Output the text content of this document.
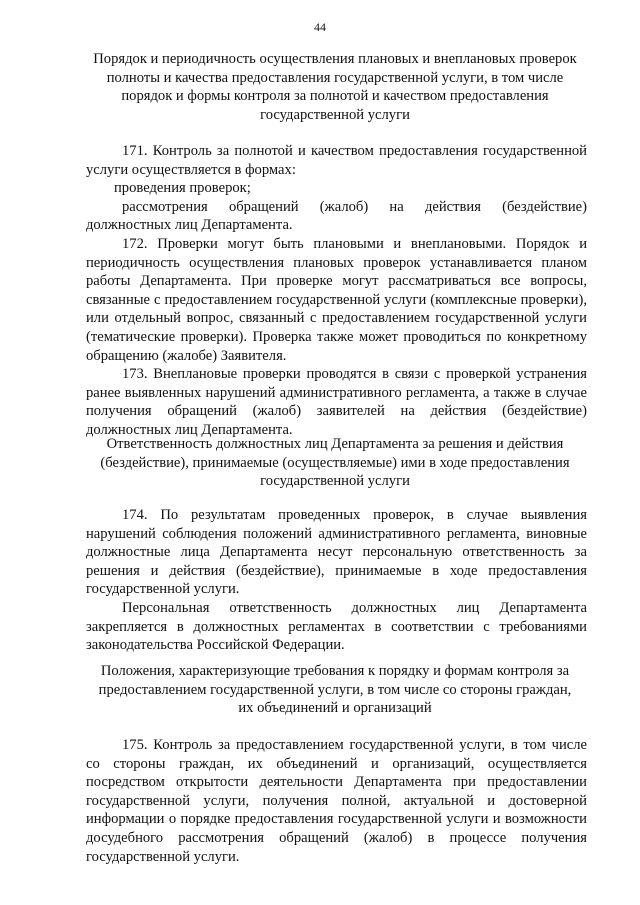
44
Порядок и периодичность осуществления плановых и внеплановых проверок
полноты и качества предоставления государственной услуги, в том числе
порядок и формы контроля за полнотой и качеством предоставления
государственной услуги

171. Контроль за полнотой и качеством предоставления государственной услуги осуществляется в формах:

проведения проверок;

рассмотрения обращений (жалоб) на действия (бездействие) должностных лиц Департамента.

172. Проверки могут быть плановыми и внеплановыми. Порядок и периодичность осуществления плановых проверок устанавливается планом работы Департамента. При проверке могут рассматриваться все вопросы, связанные с предоставлением государственной услуги (комплексные проверки), или отдельный вопрос, связанный с предоставлением государственной услуги (тематические проверки). Проверка также может проводиться по конкретному обращению (жалобе) Заявителя.

173. Внеплановые проверки проводятся в связи с проверкой устранения ранее выявленных нарушений административного регламента, а также в случае получения обращений (жалоб) заявителей на действия (бездействие) должностных лиц Департамента.

Ответственность должностных лиц Департамента за решения и действия
(бездействие), принимаемые (осуществляемые) ими в ходе предоставления
государственной услуги

174. По результатам проведенных проверок, в случае выявления нарушений соблюдения положений административного регламента, виновные должностные лица Департамента несут персональную ответственность за решения и действия (бездействие), принимаемые в ходе предоставления государственной услуги.

Персональная ответственность должностных лиц Департамента закрепляется в должностных регламентах в соответствии с требованиями законодательства Российской Федерации.

Положения, характеризующие требования к порядку и формам контроля за
предоставлением государственной услуги, в том числе со стороны граждан,
их объединений и организаций

175. Контроль за предоставлением государственной услуги, в том числе со стороны граждан, их объединений и организаций, осуществляется посредством открытости деятельности Департамента при предоставлении государственной услуги, получения полной, актуальной и достоверной информации о порядке предоставления государственной услуги и возможности досудебного рассмотрения обращений (жалоб) в процессе получения государственной услуги.
